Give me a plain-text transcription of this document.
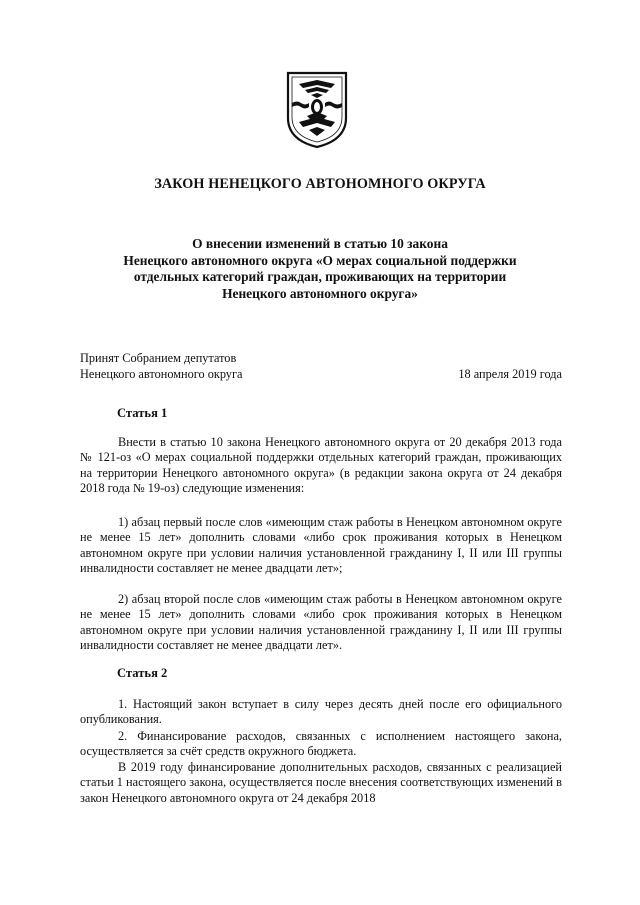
ЗАКОН НЕНЕЦКОГО АВТОНОМНОГО ОКРУГА
О внесении изменений в статью 10 закона
Ненецкого автономного округа «О мерах социальной поддержки
отдельных категорий граждан, проживающих на территории
Ненецкого автономного округа»
Принят Собранием депутатов
Ненецкого автономного округа	18 апреля 2019 года
Статья 1
Внести в статью 10 закона Ненецкого автономного округа от 20 декабря 2013 года № 121-оз «О мерах социальной поддержки отдельных категорий граждан, проживающих на территории Ненецкого автономного округа» (в редакции закона округа от 24 декабря 2018 года № 19-оз) следующие изменения:
1) абзац первый после слов «имеющим стаж работы в Ненецком автономном округе не менее 15 лет» дополнить словами «либо срок проживания которых в Ненецком автономном округе при условии наличия установленной гражданину I, II или III группы инвалидности составляет не менее двадцати лет»;
2) абзац второй после слов «имеющим стаж работы в Ненецком автономном округе не менее 15 лет» дополнить словами «либо срок проживания которых в Ненецком автономном округе при условии наличия установленной гражданину I, II или III группы инвалидности составляет не менее двадцати лет».
Статья 2
1. Настоящий закон вступает в силу через десять дней после его официального опубликования.
2. Финансирование расходов, связанных с исполнением настоящего закона, осуществляется за счёт средств окружного бюджета.
В 2019 году финансирование дополнительных расходов, связанных с реализацией статьи 1 настоящего закона, осуществляется после внесения соответствующих изменений в закон Ненецкого автономного округа от 24 декабря 2018
